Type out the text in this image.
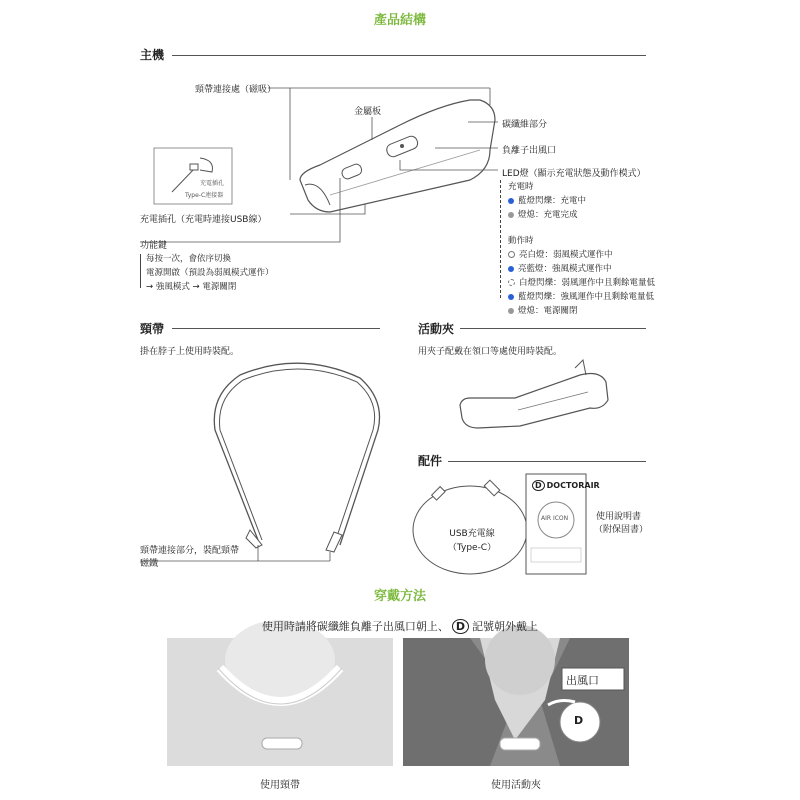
產品結構
穿戴方法
主機
頸帶	活動夾
配件
頸帶連接處（磁吸）
金屬板
碳纖維部分
負離子出風口
LED燈（顯示充電狀態及動作模式）
充電插孔
Type-C連接器
充電插孔（充電時連接USB線）
功能鍵
每按一次，會依序切換
電源開啟（預設為弱風模式運作）
→ 強風模式 → 電源關閉
充電時
藍燈閃爍：充電中
燈熄：充電完成
動作時
亮白燈：弱風模式運作中
亮藍燈：強風模式運作中
白燈閃爍：弱風運作中且剩餘電量低
藍燈閃爍：強風運作中且剩餘電量低
燈熄：電源關閉
掛在脖子上使用時裝配。
頸帶連接部分，裝配頸帶
磁鐵
用夾子配戴在領口等處使用時裝配。
USB充電線
（Type-C）
D DOCTORAIR
AIR ICON	使用說明書
（附保固書）
使用時請將碳纖維負離子出風口朝上、 D 記號朝外戴上
出風口
D
使用頸帶	使用活動夾
